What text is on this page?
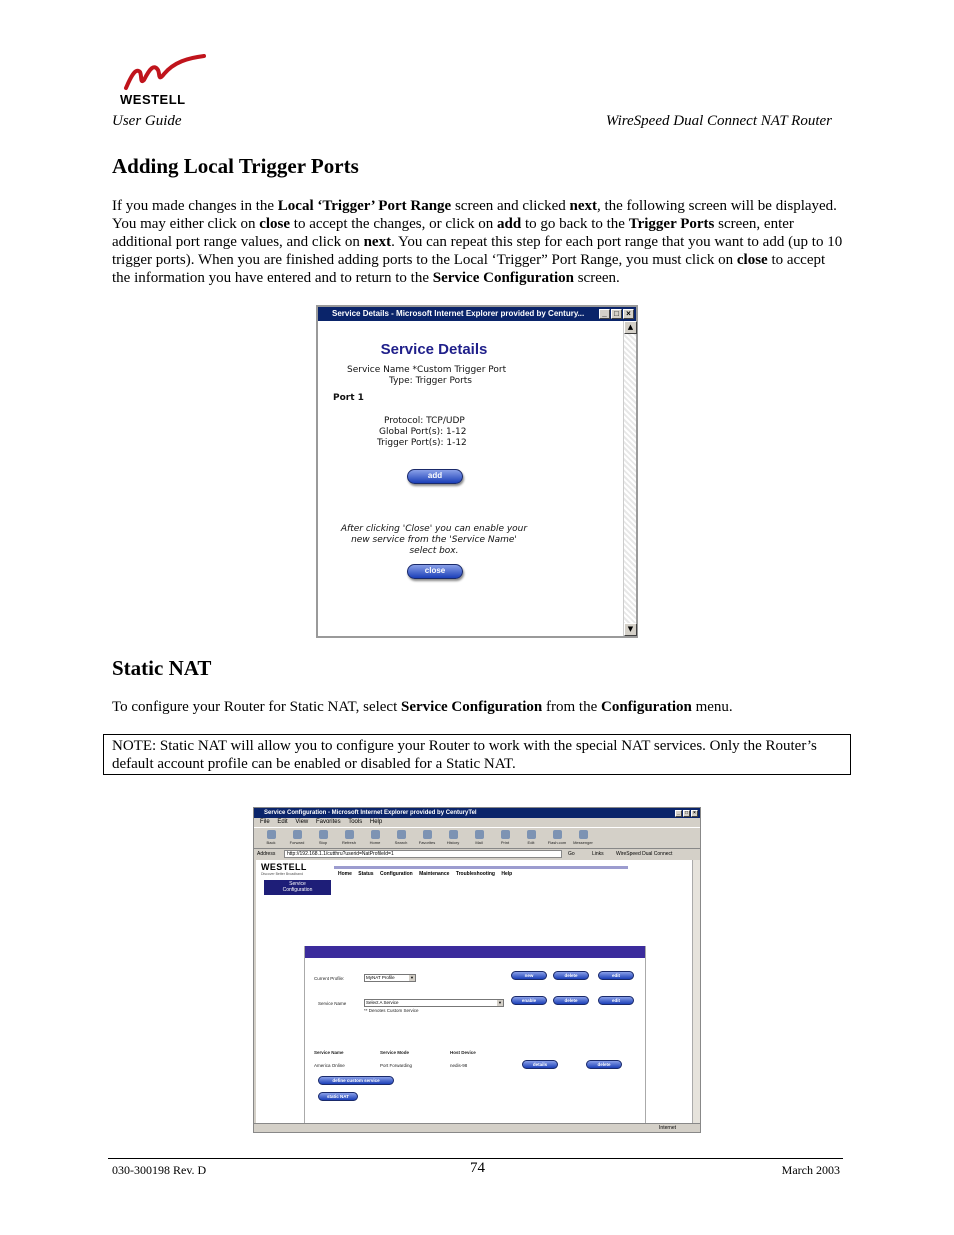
WESTELL
User Guide	WireSpeed Dual Connect NAT Router
Adding Local Trigger Ports

If you made changes in the Local ‘Trigger’ Port Range screen and clicked next, the following screen will be displayed. You may either click on close to accept the changes, or click on add to go back to the Trigger Ports screen, enter additional port range values, and click on next. You can repeat this step for each port range that you want to add (up to 10 trigger ports). When you are finished adding ports to the Local ‘Trigger” Port Range, you must click on close to accept the information you have entered and to return to the Service Configuration screen.

Service Details - Microsoft Internet Explorer provided by Centurу...	_ □ ×
▲
▼
Service Details
Service Name *Custom Trigger Port
Type: Trigger Ports
Port 1
Protocol: TCP/UDP
Global Port(s): 1-12
Trigger Port(s): 1-12
add
After clicking 'Close' you can enable your
new service from the 'Service Name'
select box.
close
Static NAT

To configure your Router for Static NAT, select Service Configuration from the Configuration menu.

NOTE: Static NAT will allow you to configure your Router to work with the special NAT services. Only the Router’s default account profile can be enabled or disabled for a Static NAT.
Service Configuration - Microsoft Internet Explorer provided by CenturyTel	_	□	×
File Edit View Favorites Tools Help
Back	Forward	Stop	Refresh	Home	Search	Favorites	History	Mail	Print	Edit	Flash.com	Messenger
Address	http://192.168.1.1/cutthru?userid=NatProfileId=1	Go	Links WireSpeed Dual Connect
WESTELL
Discover Better Broadband	Home Status Configuration Maintenance Troubleshooting Help
Service
Configuration
Current Profile:	MyNAT Profile	▼
Service Name	Select A Service	▼
** Denotes Custom Service
new	delete	edit
enable	delete	edit
Service Name	Service Mode	Host Device
America Online	Port Forwarding	nedis-98	details	delete
define custom service
static NAT
Internet
030-300198 Rev. D	74	March 2003
